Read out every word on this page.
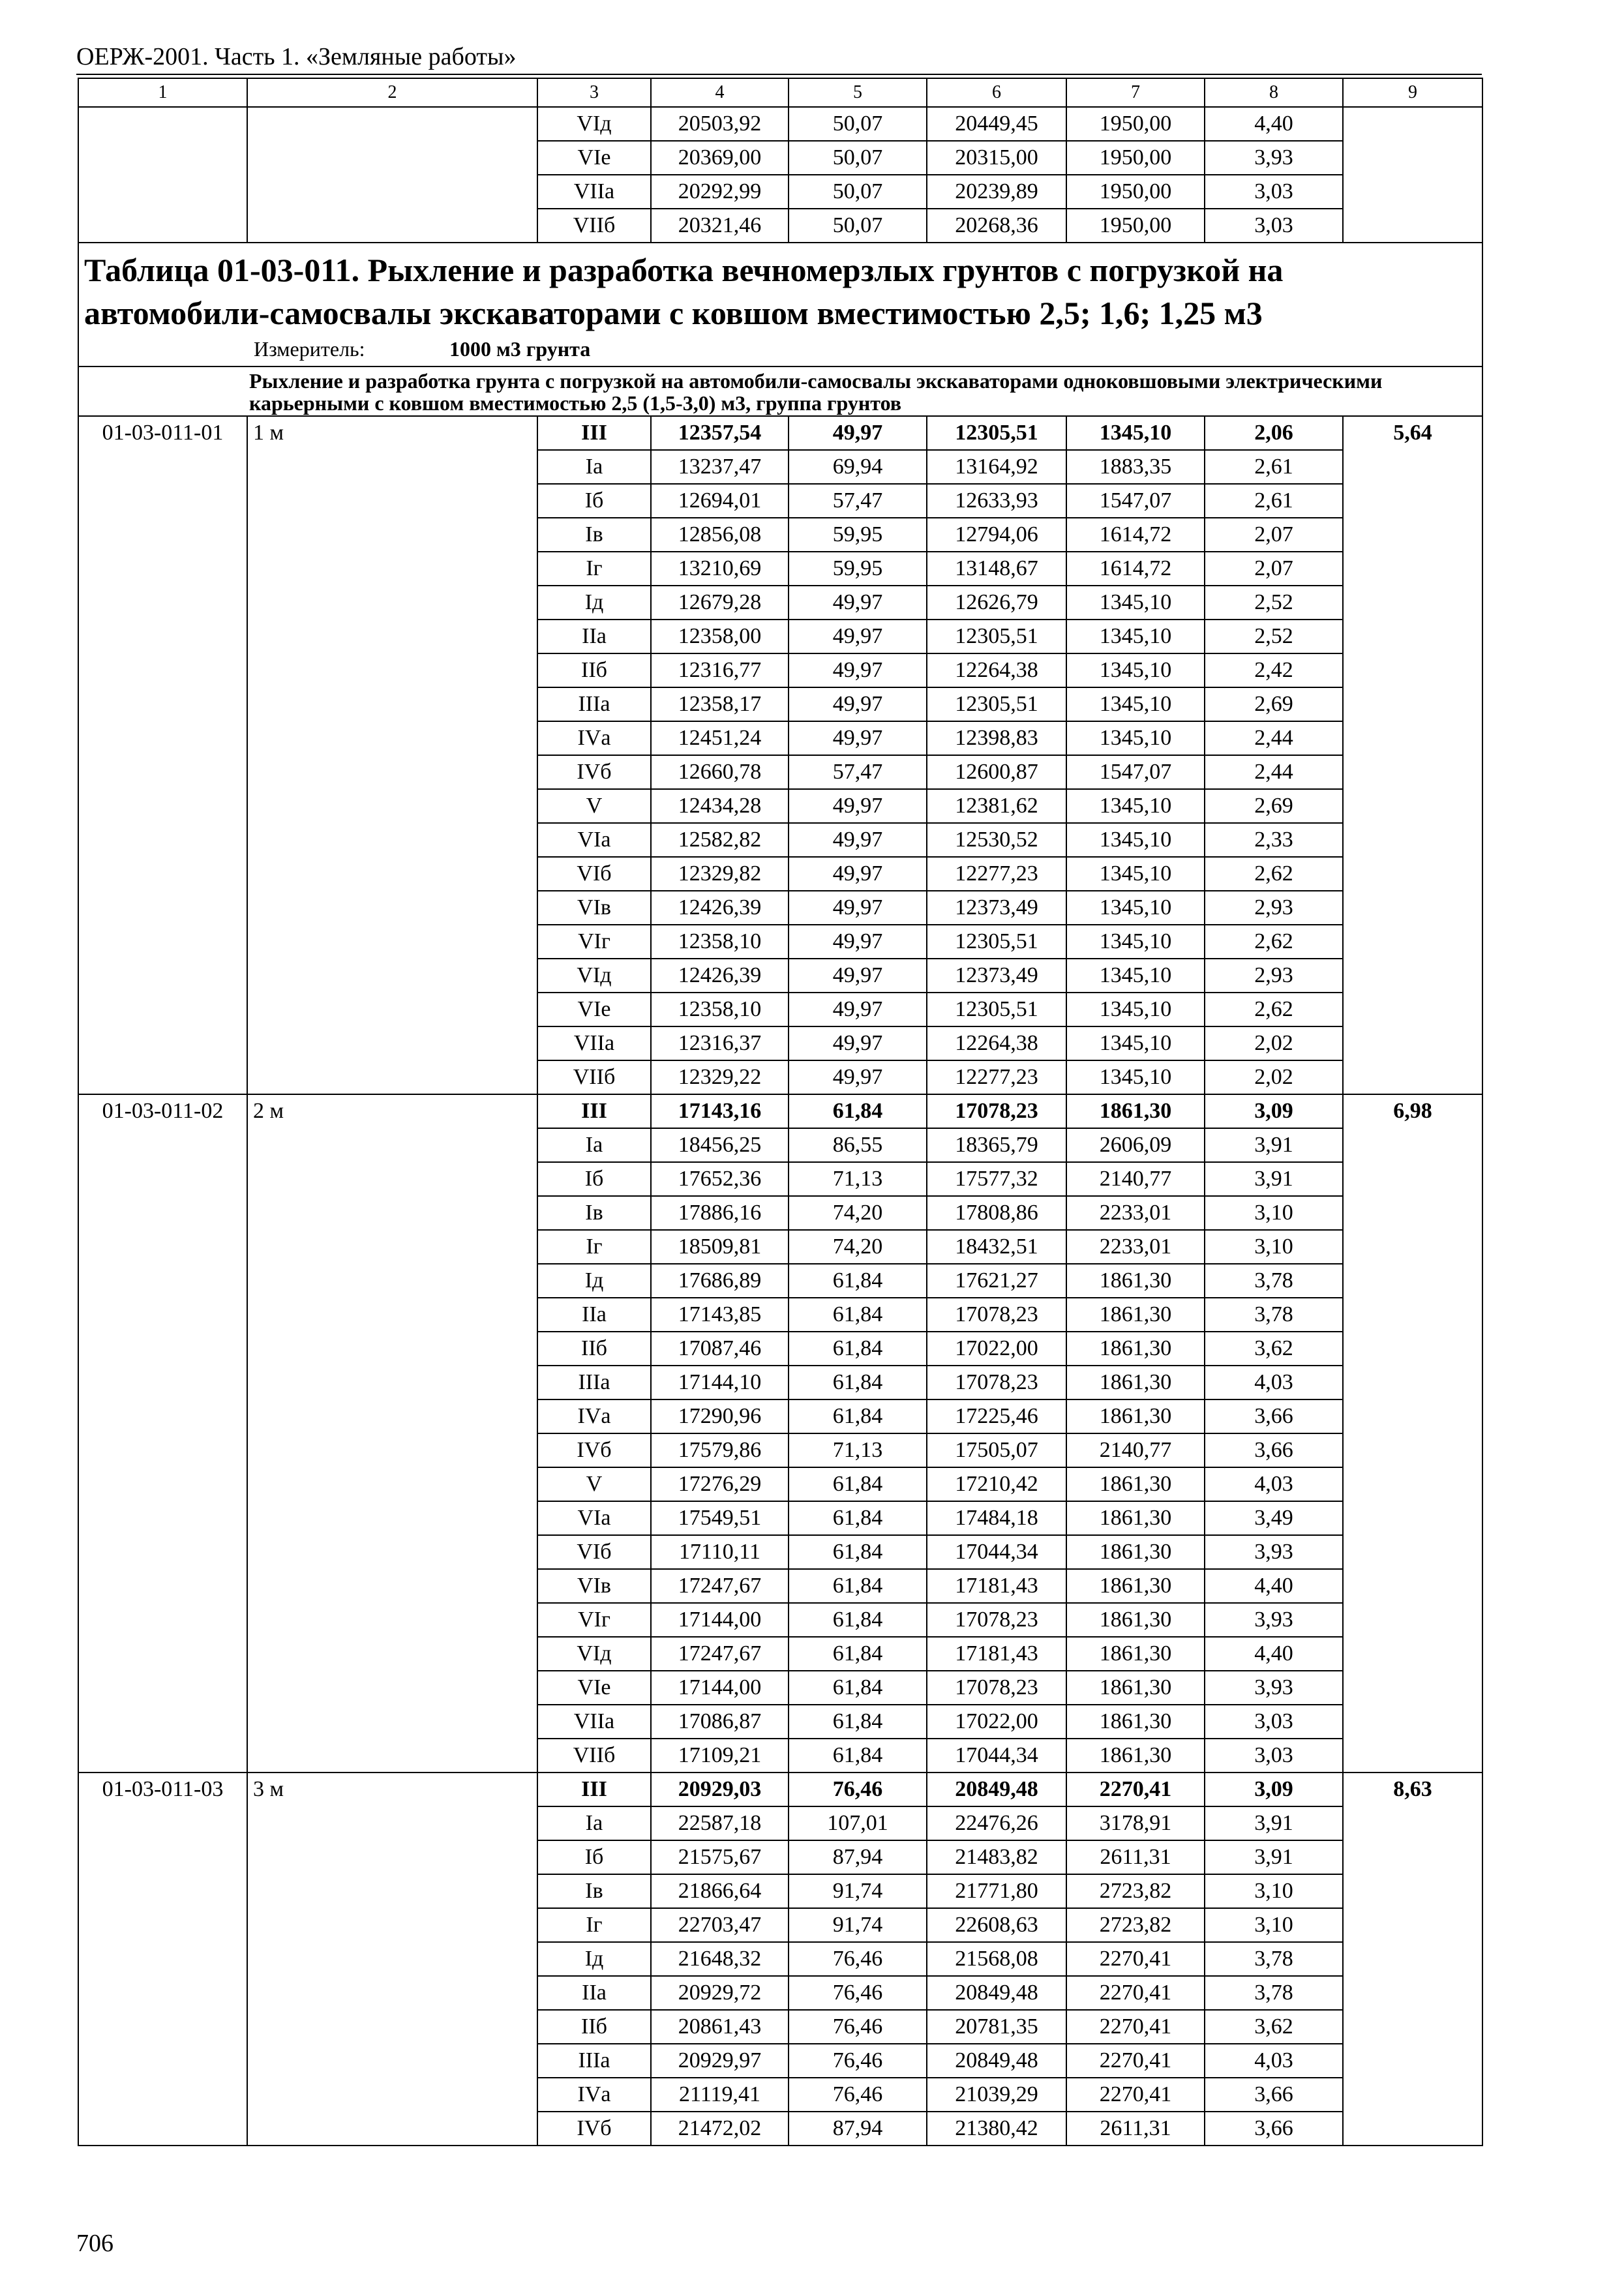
ОЕРЖ-2001. Часть 1. «Земляные работы»
1	2	3	4	5	6	7	8	9
		VIд	20503,92	50,07	20449,45	1950,00	4,40	
		VIе	20369,00	50,07	20315,00	1950,00	3,93	
		VIIа	20292,99	50,07	20239,89	1950,00	3,03	
		VIIб	20321,46	50,07	20268,36	1950,00	3,03	

Таблица 01-03-011. Рыхление и разработка вечномерзлых грунтов с погрузкой на автомобили-самосвалы экскаваторами с ковшом вместимостью 2,5; 1,6; 1,25 м3
Измеритель: 1000 м3 грунта								

Рыхление и разработка грунта с погрузкой на автомобили-самосвалы экскаваторами одноковшовыми электрическими карьерными с ковшом вместимостью 2,5 (1,5-3,0) м3, группа грунтов								
01-03-011-01	1 м	III	12357,54	49,97	12305,51	1345,10	2,06	5,64
		Iа	13237,47	69,94	13164,92	1883,35	2,61	
		Iб	12694,01	57,47	12633,93	1547,07	2,61	
		Iв	12856,08	59,95	12794,06	1614,72	2,07	
		Iг	13210,69	59,95	13148,67	1614,72	2,07	
		Iд	12679,28	49,97	12626,79	1345,10	2,52	
		IIа	12358,00	49,97	12305,51	1345,10	2,52	
		IIб	12316,77	49,97	12264,38	1345,10	2,42	
		IIIа	12358,17	49,97	12305,51	1345,10	2,69	
		IVа	12451,24	49,97	12398,83	1345,10	2,44	
		IVб	12660,78	57,47	12600,87	1547,07	2,44	
		V	12434,28	49,97	12381,62	1345,10	2,69	
		VIа	12582,82	49,97	12530,52	1345,10	2,33	
		VIб	12329,82	49,97	12277,23	1345,10	2,62	
		VIв	12426,39	49,97	12373,49	1345,10	2,93	
		VIг	12358,10	49,97	12305,51	1345,10	2,62	
		VIд	12426,39	49,97	12373,49	1345,10	2,93	
		VIе	12358,10	49,97	12305,51	1345,10	2,62	
		VIIа	12316,37	49,97	12264,38	1345,10	2,02	
		VIIб	12329,22	49,97	12277,23	1345,10	2,02	
01-03-011-02	2 м	III	17143,16	61,84	17078,23	1861,30	3,09	6,98
		Iа	18456,25	86,55	18365,79	2606,09	3,91	
		Iб	17652,36	71,13	17577,32	2140,77	3,91	
		Iв	17886,16	74,20	17808,86	2233,01	3,10	
		Iг	18509,81	74,20	18432,51	2233,01	3,10	
		Iд	17686,89	61,84	17621,27	1861,30	3,78	
		IIа	17143,85	61,84	17078,23	1861,30	3,78	
		IIб	17087,46	61,84	17022,00	1861,30	3,62	
		IIIа	17144,10	61,84	17078,23	1861,30	4,03	
		IVа	17290,96	61,84	17225,46	1861,30	3,66	
		IVб	17579,86	71,13	17505,07	2140,77	3,66	
		V	17276,29	61,84	17210,42	1861,30	4,03	
		VIа	17549,51	61,84	17484,18	1861,30	3,49	
		VIб	17110,11	61,84	17044,34	1861,30	3,93	
		VIв	17247,67	61,84	17181,43	1861,30	4,40	
		VIг	17144,00	61,84	17078,23	1861,30	3,93	
		VIд	17247,67	61,84	17181,43	1861,30	4,40	
		VIе	17144,00	61,84	17078,23	1861,30	3,93	
		VIIа	17086,87	61,84	17022,00	1861,30	3,03	
		VIIб	17109,21	61,84	17044,34	1861,30	3,03	
01-03-011-03	3 м	III	20929,03	76,46	20849,48	2270,41	3,09	8,63
		Iа	22587,18	107,01	22476,26	3178,91	3,91	
		Iб	21575,67	87,94	21483,82	2611,31	3,91	
		Iв	21866,64	91,74	21771,80	2723,82	3,10	
		Iг	22703,47	91,74	22608,63	2723,82	3,10	
		Iд	21648,32	76,46	21568,08	2270,41	3,78	
		IIа	20929,72	76,46	20849,48	2270,41	3,78	
		IIб	20861,43	76,46	20781,35	2270,41	3,62	
		IIIа	20929,97	76,46	20849,48	2270,41	4,03	
		IVа	21119,41	76,46	21039,29	2270,41	3,66	
		IVб	21472,02	87,94	21380,42	2611,31	3,66	
706
